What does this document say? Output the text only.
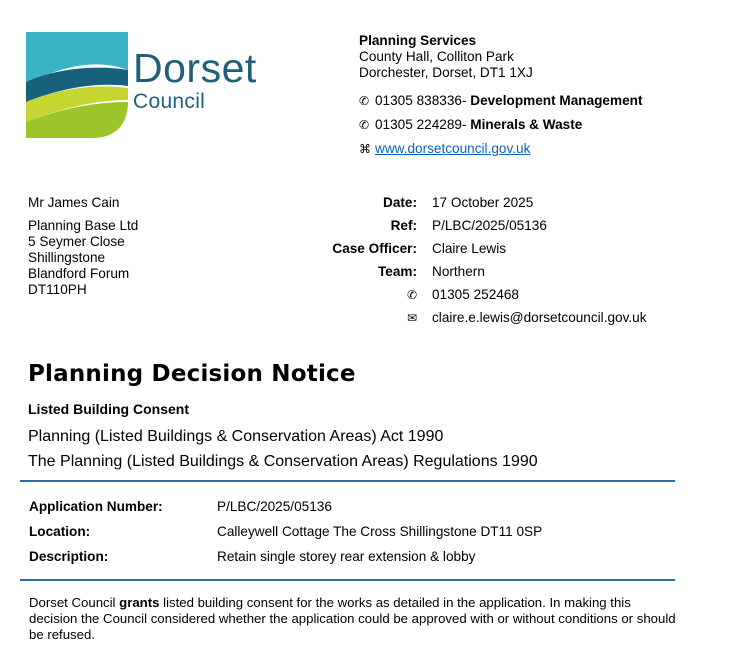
Dorset
Council
Planning Services
County Hall, Colliton Park
Dorchester, Dorset, DT1 1XJ
✆ 01305 838336- Development Management
✆ 01305 224289- Minerals & Waste
⌘ www.dorsetcouncil.gov.uk
Mr James Cain
Planning Base Ltd
5 Seymer Close
Shillingstone
Blandford Forum
DT110PH
Date: 17 October 2025
Ref: P/LBC/2025/05136
Case Officer: Claire Lewis
Team: Northern
✆ 01305 252468
✉ claire.e.lewis@dorsetcouncil.gov.uk
Planning Decision Notice
Listed Building Consent
Planning (Listed Buildings & Conservation Areas) Act 1990
The Planning (Listed Buildings & Conservation Areas) Regulations 1990
Application Number:	P/LBC/2025/05136
Location:	Calleywell Cottage The Cross Shillingstone DT11 0SP
Description:	Retain single storey rear extension & lobby
Dorset Council grants listed building consent for the works as detailed in the application. In making this decision the Council considered whether the application could be approved with or without conditions or should be refused.
